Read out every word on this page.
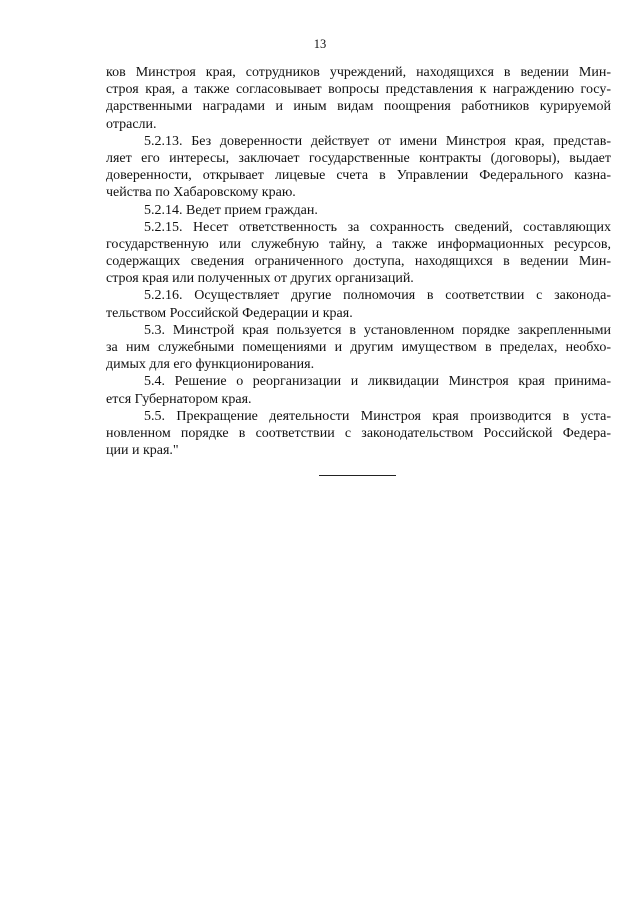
13
ков Минстроя края, сотрудников учреждений, находящихся в ведении Мин-
строя края, а также согласовывает вопросы представления к награждению госу-
дарственными наградами и иным видам поощрения работников курируемой
отрасли.
5.2.13. Без доверенности действует от имени Минстроя края, представ-
ляет его интересы, заключает государственные контракты (договоры), выдает
доверенности, открывает лицевые счета в Управлении Федерального казна-
чейства по Хабаровскому краю.
5.2.14. Ведет прием граждан.
5.2.15. Несет ответственность за сохранность сведений, составляющих
государственную или служебную тайну, а также информационных ресурсов,
содержащих сведения ограниченного доступа, находящихся в ведении Мин-
строя края или полученных от других организаций.
5.2.16. Осуществляет другие полномочия в соответствии с законода-
тельством Российской Федерации и края.
5.3. Минстрой края пользуется в установленном порядке закрепленными
за ним служебными помещениями и другим имуществом в пределах, необхо-
димых для его функционирования.
5.4. Решение о реорганизации и ликвидации Минстроя края принима-
ется Губернатором края.
5.5. Прекращение деятельности Минстроя края производится в уста-
новленном порядке в соответствии с законодательством Российской Федера-
ции и края."
